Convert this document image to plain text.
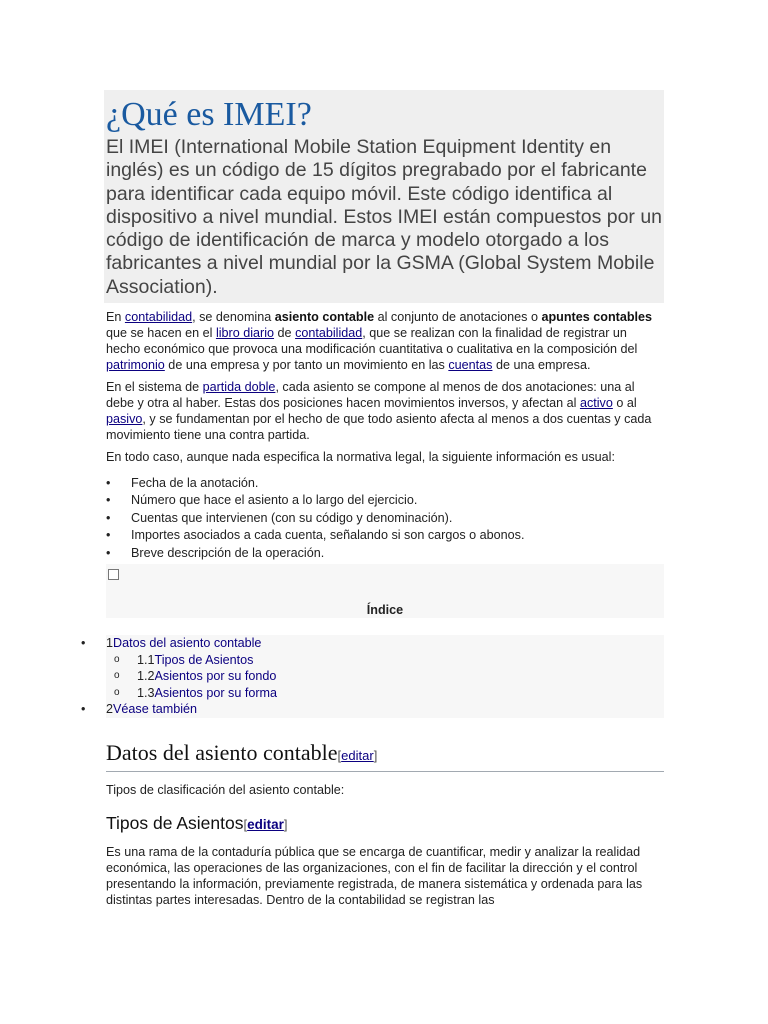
¿Qué es IMEI?

El IMEI (International Mobile Station Equipment Identity en inglés) es un código de 15 dígitos pregrabado por el fabricante para identificar cada equipo móvil. Este código identifica al dispositivo a nivel mundial. Estos IMEI están compuestos por un código de identificación de marca y modelo otorgado a los fabricantes a nivel mundial por la GSMA (Global System Mobile Association).

En contabilidad, se denomina asiento contable al conjunto de anotaciones o apuntes contables que se hacen en el libro diario de contabilidad, que se realizan con la finalidad de registrar un hecho económico que provoca una modificación cuantitativa o cualitativa en la composición del patrimonio de una empresa y por tanto un movimiento en las cuentas de una empresa.

En el sistema de partida doble, cada asiento se compone al menos de dos anotaciones: una al debe y otra al haber. Estas dos posiciones hacen movimientos inversos, y afectan al activo o al pasivo, y se fundamentan por el hecho de que todo asiento afecta al menos a dos cuentas y cada movimiento tiene una contra partida.

En todo caso, aunque nada especifica la normativa legal, la siguiente información es usual:

• Fecha de la anotación.
• Número que hace el asiento a lo largo del ejercicio.
• Cuentas que intervienen (con su código y denominación).
• Importes asociados a cada cuenta, señalando si son cargos o abonos.
• Breve descripción de la operación.
Índice
• 1Datos del asiento contable
o 1.1Tipos de Asientos
o 1.2Asientos por su fondo
o 1.3Asientos por su forma
• 2Véase también
Datos del asiento contable[editar]

Tipos de clasificación del asiento contable:

Tipos de Asientos[editar]

Es una rama de la contaduría pública que se encarga de cuantificar, medir y analizar la realidad económica, las operaciones de las organizaciones, con el fin de facilitar la dirección y el control presentando la información, previamente registrada, de manera sistemática y ordenada para las distintas partes interesadas. Dentro de la contabilidad se registran las
